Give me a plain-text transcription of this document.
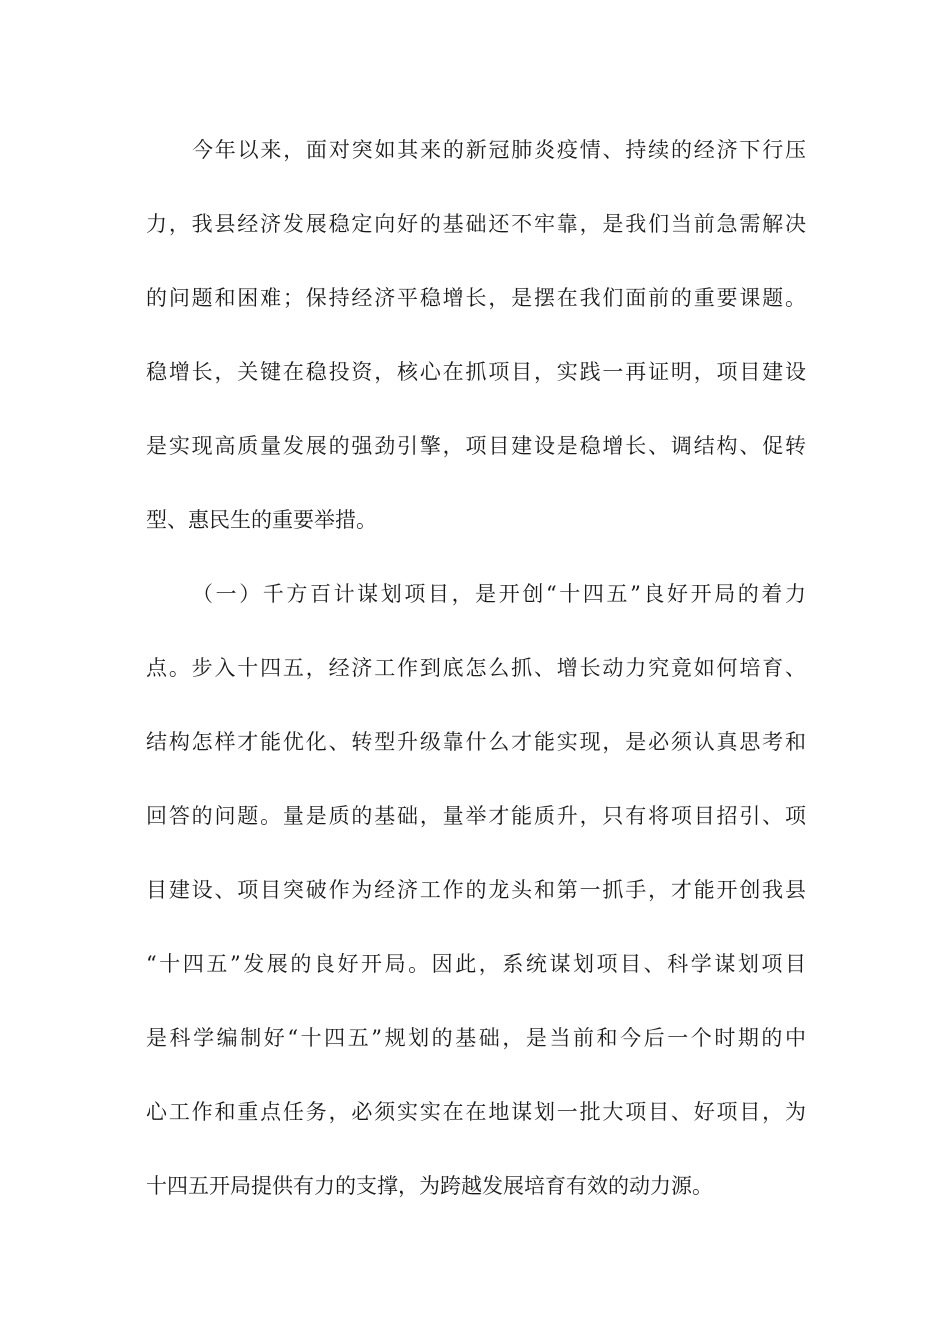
今年以来，面对突如其来的新冠肺炎疫情、持续的经济下行压
力，我县经济发展稳定向好的基础还不牢靠，是我们当前急需解决
的问题和困难；保持经济平稳增长，是摆在我们面前的重要课题。
稳增长，关键在稳投资，核心在抓项目，实践一再证明，项目建设
是实现高质量发展的强劲引擎，项目建设是稳增长、调结构、促转
型、惠民生的重要举措。
（一）千方百计谋划项目，是开创“十四五”良好开局的着力
点。步入十四五，经济工作到底怎么抓、增长动力究竟如何培育、
结构怎样才能优化、转型升级靠什么才能实现，是必须认真思考和
回答的问题。量是质的基础，量举才能质升，只有将项目招引、项
目建设、项目突破作为经济工作的龙头和第一抓手，才能开创我县
“十四五”发展的良好开局。因此，系统谋划项目、科学谋划项目
是科学编制好“十四五”规划的基础，是当前和今后一个时期的中
心工作和重点任务，必须实实在在地谋划一批大项目、好项目，为
十四五开局提供有力的支撑，为跨越发展培育有效的动力源。
